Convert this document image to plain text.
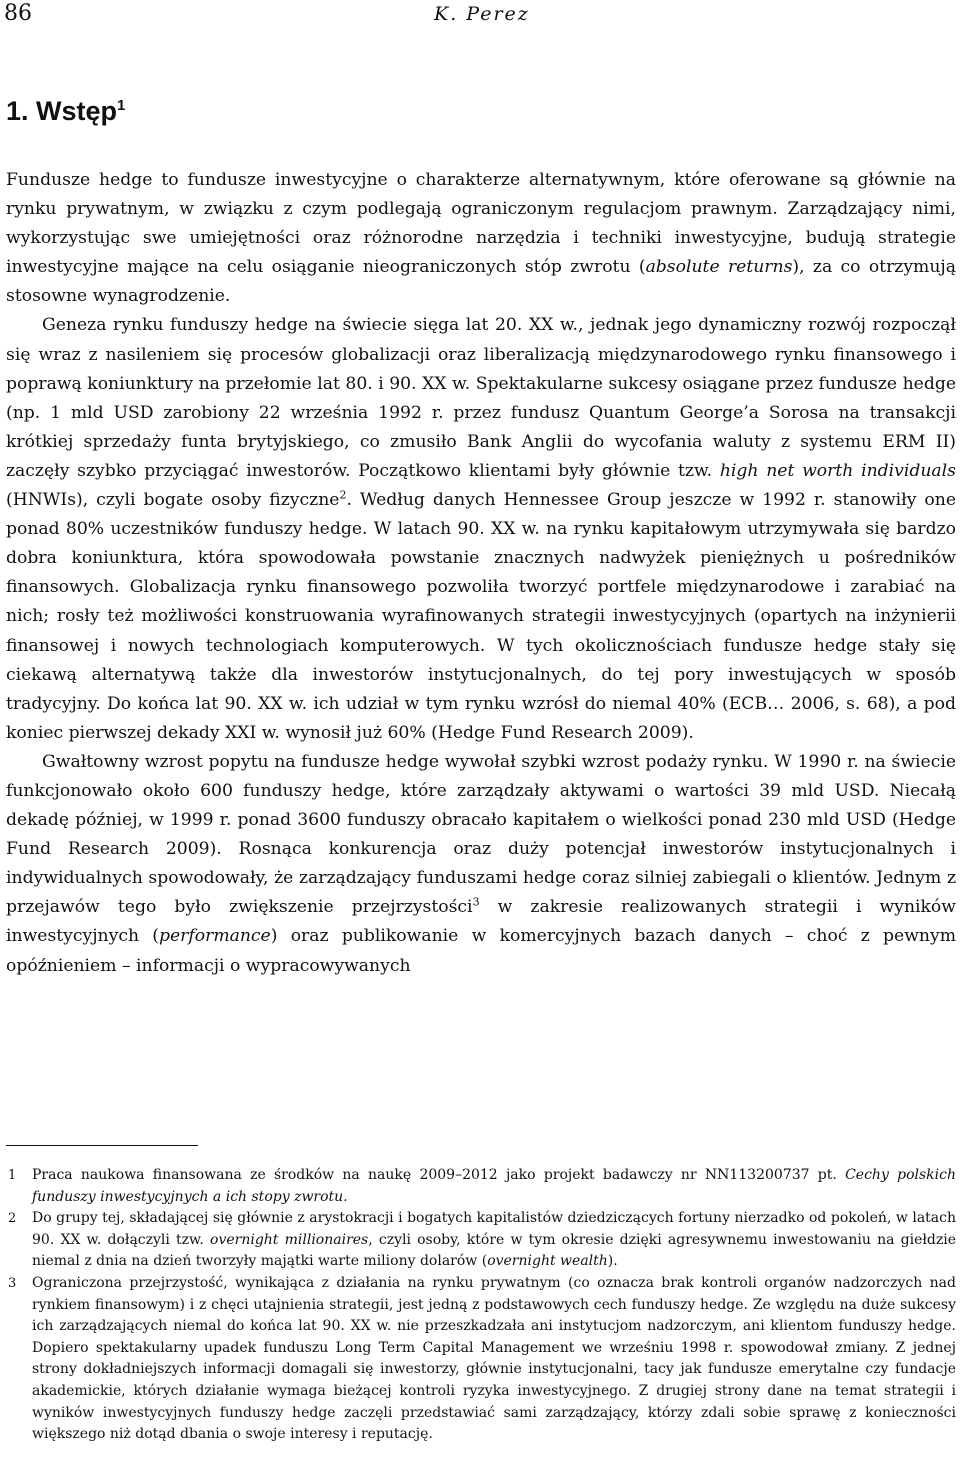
86	K. Perez
1. Wstęp$^1$

Fundusze hedge to fundusze inwestycyjne o charakterze alternatywnym, które oferowane są głównie na rynku prywatnym, w związku z czym podlegają ograniczonym regulacjom prawnym. Zarządzający nimi, wykorzystując swe umiejętności oraz różnorodne narzędzia i techniki inwestycyjne, budują strategie inwestycyjne mające na celu osiąganie nieograniczonych stóp zwrotu (absolute returns), za co otrzymują stosowne wynagrodzenie.

Geneza rynku funduszy hedge na świecie sięga lat 20. XX w., jednak jego dynamiczny rozwój rozpoczął się wraz z nasileniem się procesów globalizacji oraz liberalizacją międzynarodowego rynku finansowego i poprawą koniunktury na przełomie lat 80. i 90. XX w. Spektakularne sukcesy osiągane przez fundusze hedge (np. 1 mld USD zarobiony 22 września 1992 r. przez fundusz Quantum George’a Sorosa na transakcji krótkiej sprzedaży funta brytyjskiego, co zmusiło Bank Anglii do wycofania waluty z systemu ERM II) zaczęły szybko przyciągać inwestorów. Początkowo klientami były głównie tzw. high net worth individuals (HNWIs), czyli bogate osoby fizyczne$^2$. Według danych Hennessee Group jeszcze w 1992 r. stanowiły one ponad 80% uczestników funduszy hedge. W latach 90. XX w. na rynku kapitałowym utrzymywała się bardzo dobra koniunktura, która spowodowała powstanie znacznych nadwyżek pieniężnych u pośredników finansowych. Globalizacja rynku finansowego pozwoliła tworzyć portfele międzynarodowe i zarabiać na nich; rosły też możliwości konstruowania wyrafinowanych strategii inwestycyjnych (opartych na inżynierii finansowej i nowych technologiach komputerowych. W tych okolicznościach fundusze hedge stały się ciekawą alternatywą także dla inwestorów instytucjonalnych, do tej pory inwestujących w sposób tradycyjny. Do końca lat 90. XX w. ich udział w tym rynku wzrósł do niemal 40% (ECB… 2006, s. 68), a pod koniec pierwszej dekady XXI w. wynosił już 60% (Hedge Fund Research 2009).

Gwałtowny wzrost popytu na fundusze hedge wywołał szybki wzrost podaży rynku. W 1990 r. na świecie funkcjonowało około 600 funduszy hedge, które zarządzały aktywami o wartości 39 mld USD. Niecałą dekadę później, w 1999 r. ponad 3600 funduszy obracało kapitałem o wielkości ponad 230 mld USD (Hedge Fund Research 2009). Rosnąca konkurencja oraz duży potencjał inwestorów instytucjonalnych i indywidualnych spowodowały, że zarządzający funduszami hedge coraz silniej zabiegali o klientów. Jednym z przejawów tego było zwiększenie przejrzystości$^3$ w zakresie realizowanych strategii i wyników inwestycyjnych (performance) oraz publikowanie w komercyjnych bazach danych – choć z pewnym opóźnieniem – informacji o wypracowywanych

1 Praca naukowa finansowana ze środków na naukę 2009–2012 jako projekt badawczy nr NN113200737 pt. Cechy polskich funduszy inwestycyjnych a ich stopy zwrotu.

2 Do grupy tej, składającej się głównie z arystokracji i bogatych kapitalistów dziedziczących fortuny nierzadko od pokoleń, w latach 90. XX w. dołączyli tzw. overnight millionaires, czyli osoby, które w tym okresie dzięki agresywnemu inwestowaniu na giełdzie niemal z dnia na dzień tworzyły majątki warte miliony dolarów (overnight wealth).

3 Ograniczona przejrzystość, wynikająca z działania na rynku prywatnym (co oznacza brak kontroli organów nadzorczych nad rynkiem finansowym) i z chęci utajnienia strategii, jest jedną z podstawowych cech funduszy hedge. Ze względu na duże sukcesy ich zarządzających niemal do końca lat 90. XX w. nie przeszkadzała ani instytucjom nadzorczym, ani klientom funduszy hedge. Dopiero spektakularny upadek funduszu Long Term Capital Management we wrześniu 1998 r. spowodował zmiany. Z jednej strony dokładniejszych informacji domagali się inwestorzy, głównie instytucjonalni, tacy jak fundusze emerytalne czy fundacje akademickie, których działanie wymaga bieżącej kontroli ryzyka inwestycyjnego. Z drugiej strony dane na temat strategii i wyników inwestycyjnych funduszy hedge zaczęli przedstawiać sami zarządzający, którzy zdali sobie sprawę z konieczności większego niż dotąd dbania o swoje interesy i reputację.
